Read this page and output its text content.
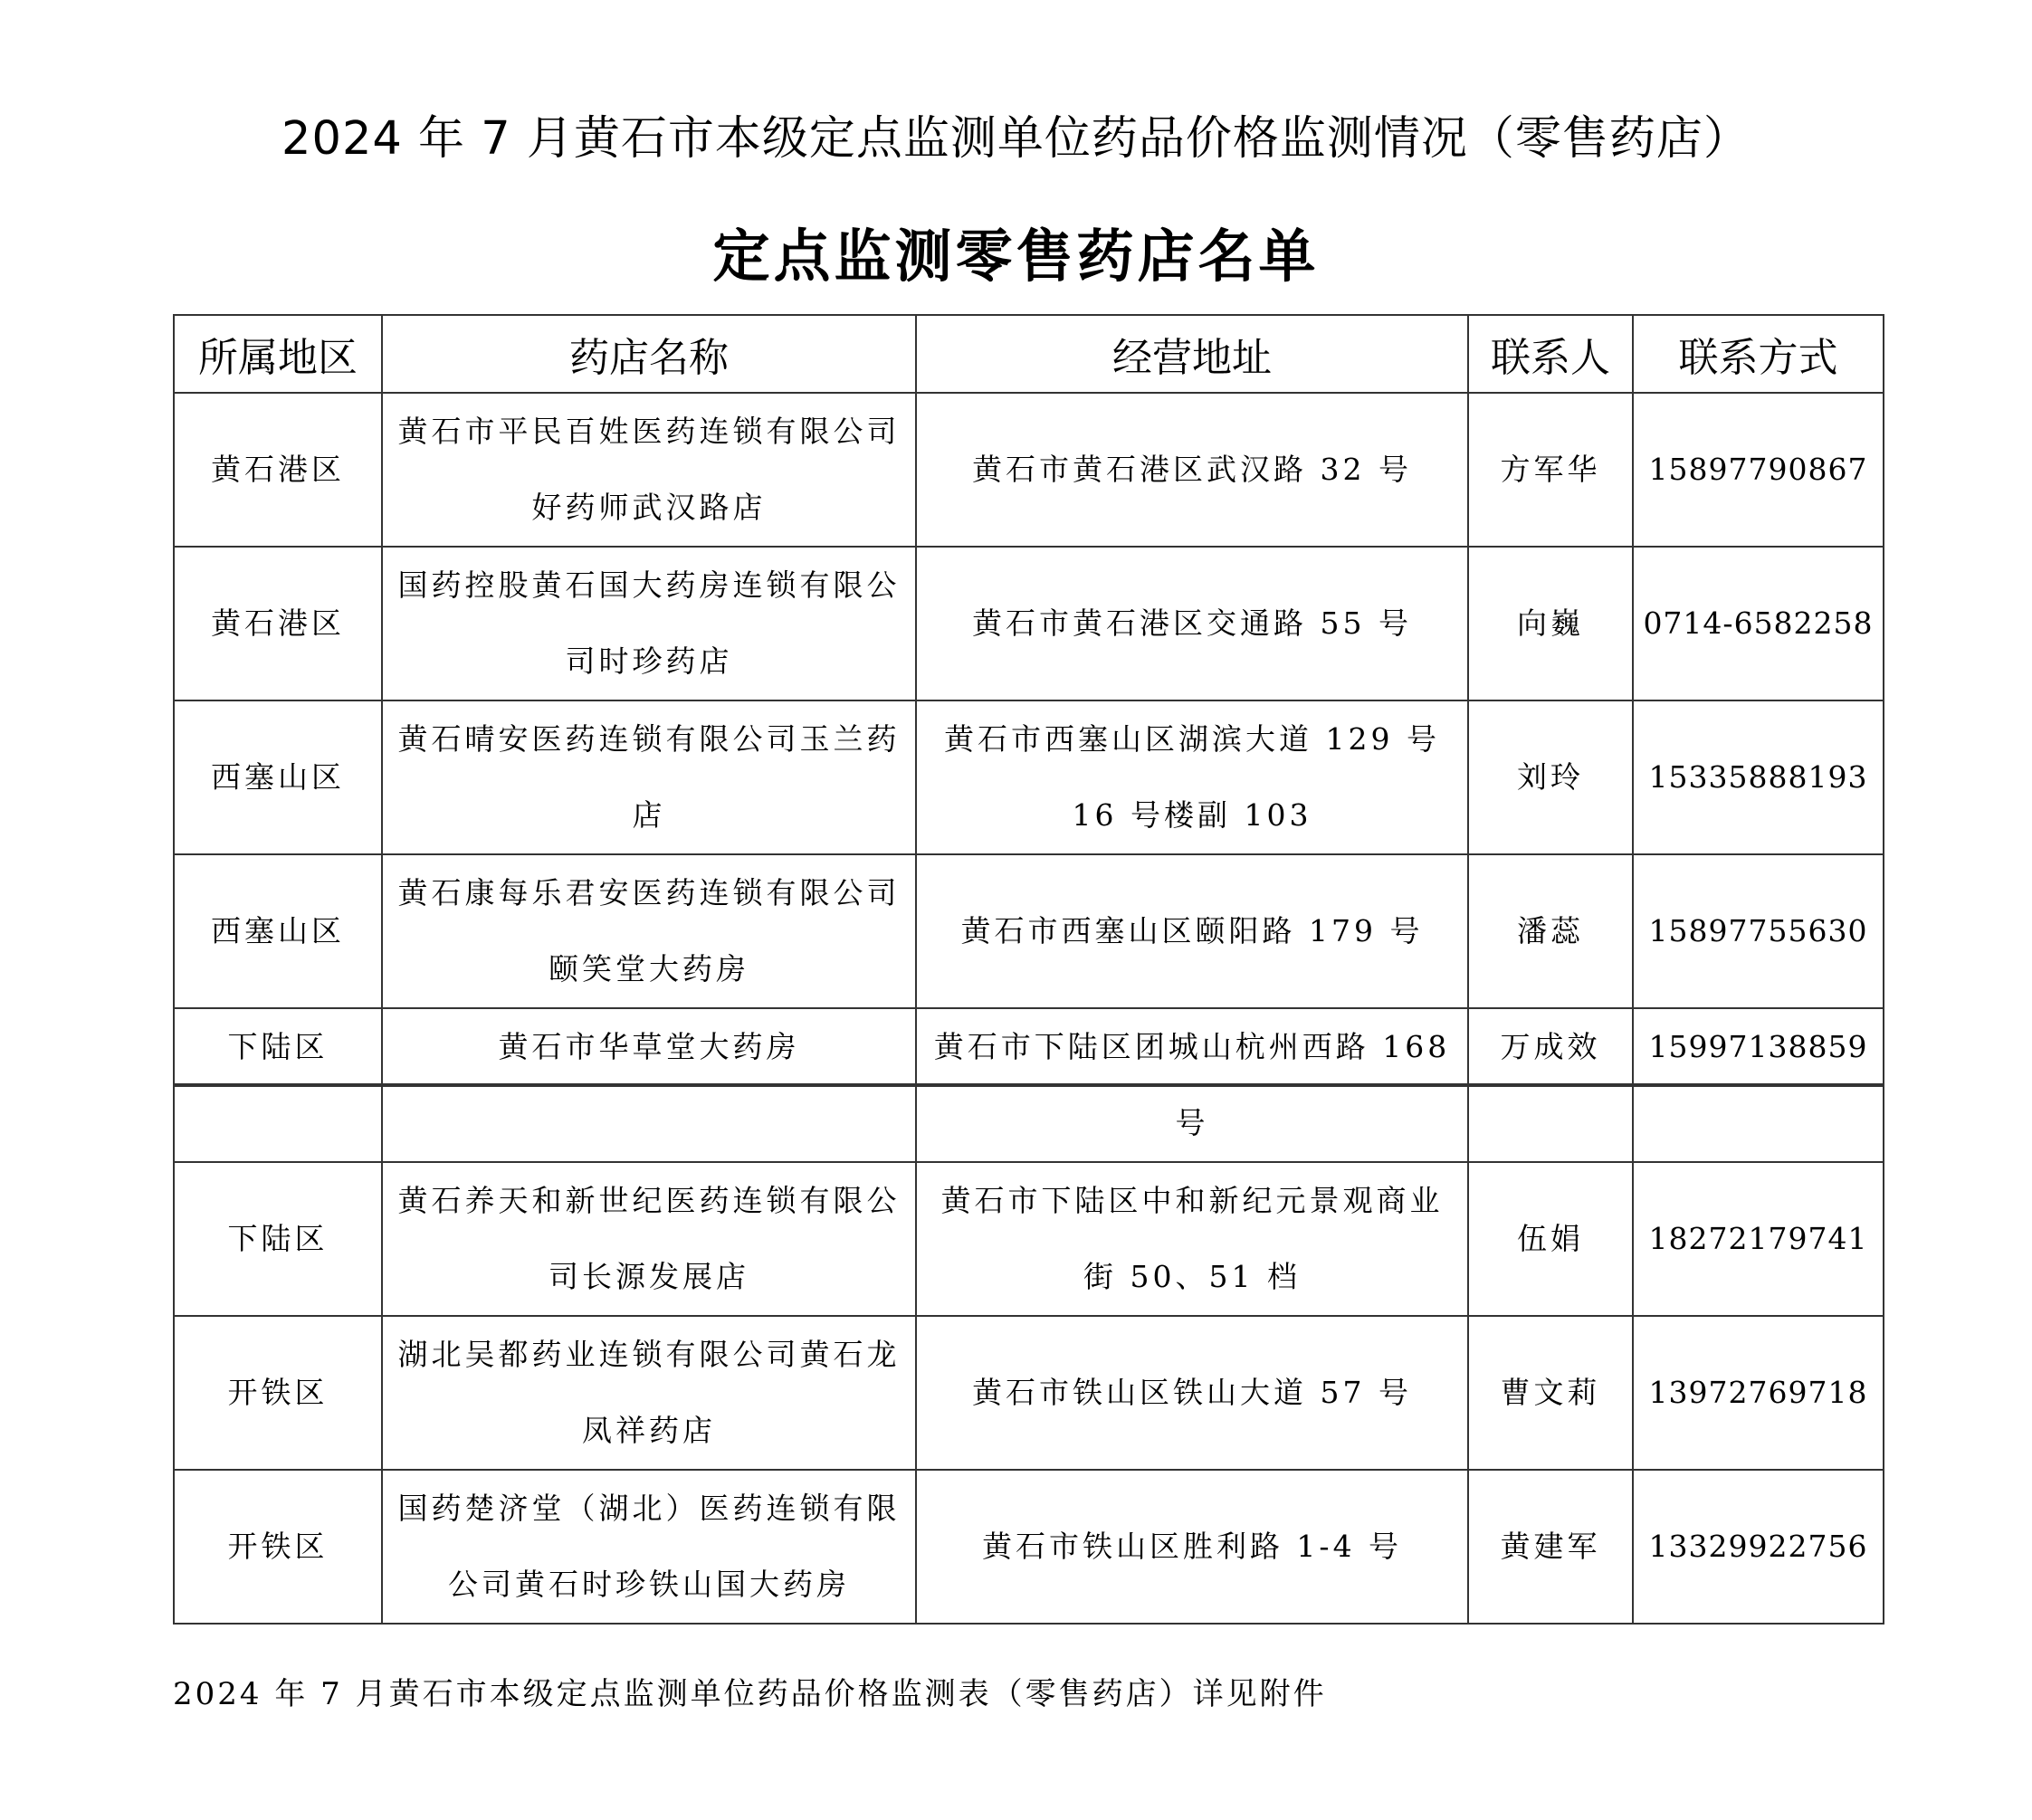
2024 年 7 月黄石市本级定点监测单位药品价格监测情况（零售药店）
定点监测零售药店名单
所属地区	药店名称	经营地址	联系人	联系方式
黄石港区	黄石市平民百姓医药连锁有限公司好药师武汉路店	黄石市黄石港区武汉路 32 号	方军华	15897790867
黄石港区	国药控股黄石国大药房连锁有限公司时珍药店	黄石市黄石港区交通路 55 号	向巍	0714-6582258
西塞山区	黄石晴安医药连锁有限公司玉兰药店	黄石市西塞山区湖滨大道 129 号 16 号楼副 103	刘玲	15335888193
西塞山区	黄石康每乐君安医药连锁有限公司颐笑堂大药房	黄石市西塞山区颐阳路 179 号	潘蕊	15897755630
下陆区	黄石市华草堂大药房	黄石市下陆区团城山杭州西路 168	万成效	15997138859
		号		
下陆区	黄石养天和新世纪医药连锁有限公司长源发展店	黄石市下陆区中和新纪元景观商业街 50、51 档	伍娟	18272179741
开铁区	湖北吴都药业连锁有限公司黄石龙凤祥药店	黄石市铁山区铁山大道 57 号	曹文莉	13972769718
开铁区	国药楚济堂（湖北）医药连锁有限公司黄石时珍铁山国大药房	黄石市铁山区胜利路 1-4 号	黄建军	13329922756

2024 年 7 月黄石市本级定点监测单位药品价格监测表（零售药店）详见附件
